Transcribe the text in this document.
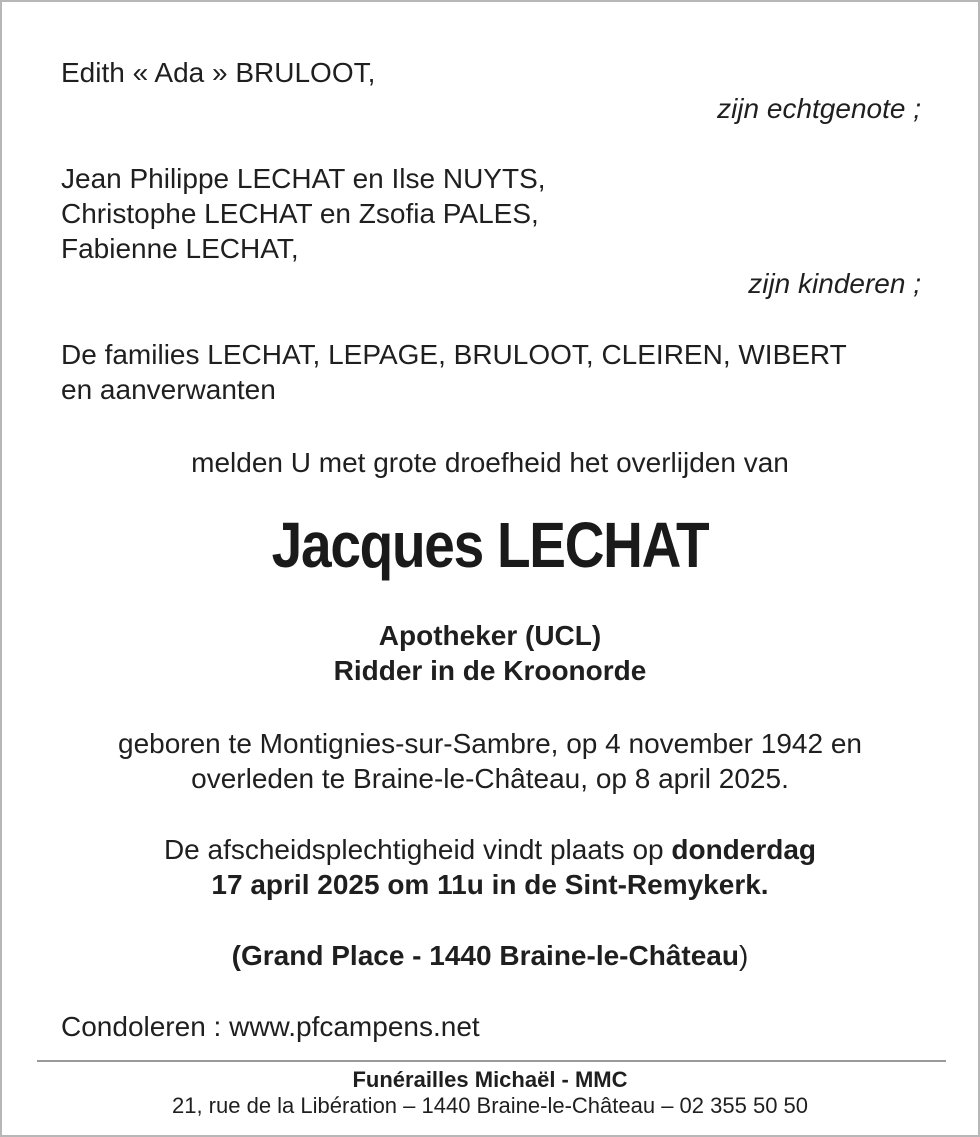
Edith « Ada » BRULOOT,
zijn echtgenote ;
Jean Philippe LECHAT en Ilse NUYTS,
Christophe LECHAT en Zsofia PALES,
Fabienne LECHAT,
zijn kinderen ;
De families LECHAT, LEPAGE, BRULOOT, CLEIREN, WIBERT
en aanverwanten
melden U met grote droefheid het overlijden van
Jacques LECHAT
Apotheker (UCL)
Ridder in de Kroonorde
geboren te Montignies-sur-Sambre, op 4 november 1942 en
overleden te Braine-le-Château, op 8 april 2025.
De afscheidsplechtigheid vindt plaats op donderdag
17 april 2025 om 11u in de Sint-Remykerk.
(Grand Place - 1440 Braine-le-Château)
Condoleren : www.pfcampens.net
Funérailles Michaël - MMC
21, rue de la Libération – 1440 Braine-le-Château – 02 355 50 50
